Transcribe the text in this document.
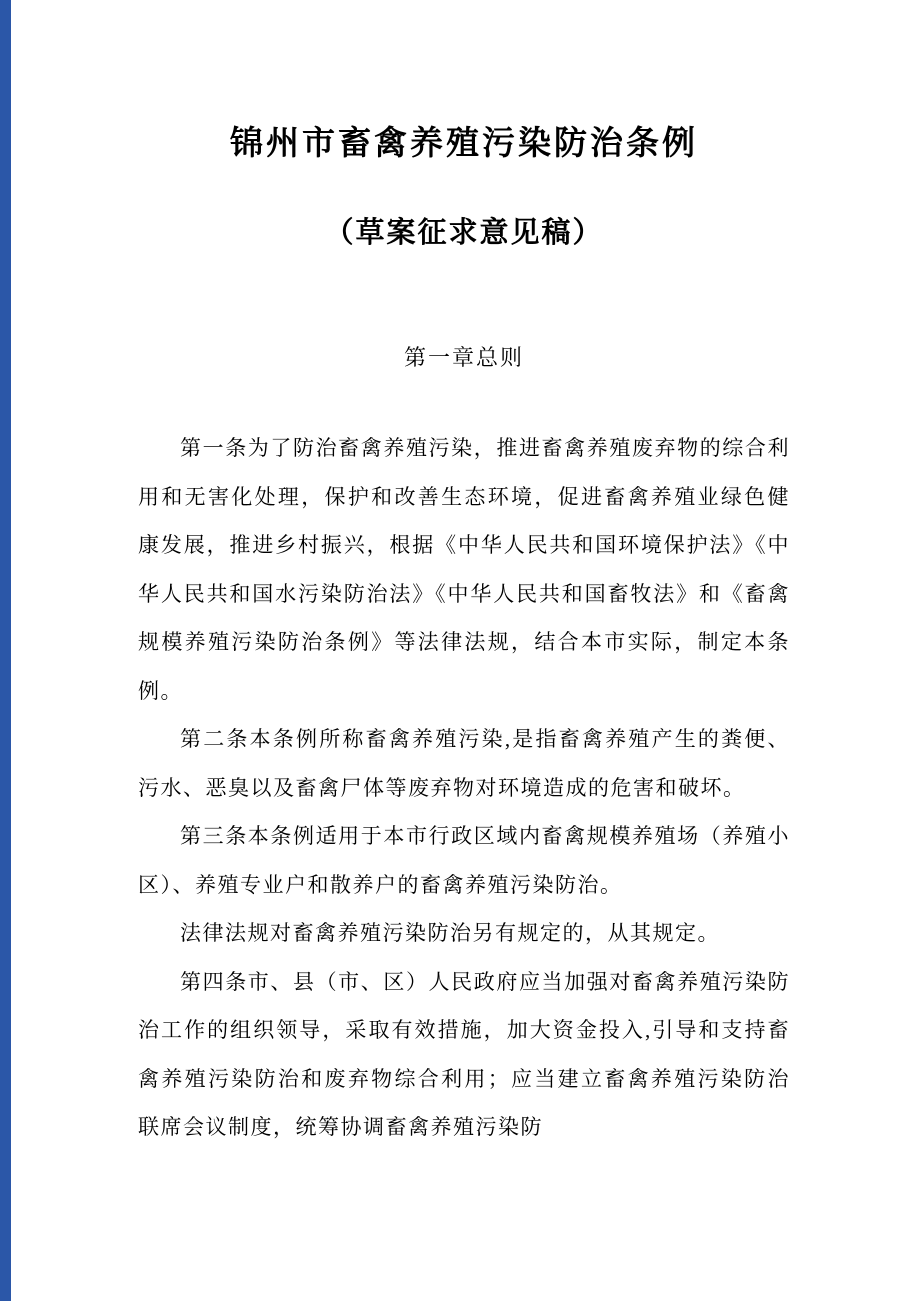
锦州市畜禽养殖污染防治条例
（草案征求意见稿）
第一章总则

第一条为了防治畜禽养殖污染，推进畜禽养殖废弃物的综合利用和无害化处理，保护和改善生态环境，促进畜禽养殖业绿色健康发展，推进乡村振兴，根据《中华人民共和国环境保护法》《中华人民共和国水污染防治法》《中华人民共和国畜牧法》和《畜禽规模养殖污染防治条例》等法律法规，结合本市实际，制定本条例。

第二条本条例所称畜禽养殖污染,是指畜禽养殖产生的粪便、污水、恶臭以及畜禽尸体等废弃物对环境造成的危害和破坏。

第三条本条例适用于本市行政区域内畜禽规模养殖场（养殖小区）、养殖专业户和散养户的畜禽养殖污染防治。

法律法规对畜禽养殖污染防治另有规定的，从其规定。

第四条市、县（市、区）人民政府应当加强对畜禽养殖污染防治工作的组织领导，采取有效措施，加大资金投入,引导和支持畜禽养殖污染防治和废弃物综合利用；应当建立畜禽养殖污染防治联席会议制度，统筹协调畜禽养殖污染防
